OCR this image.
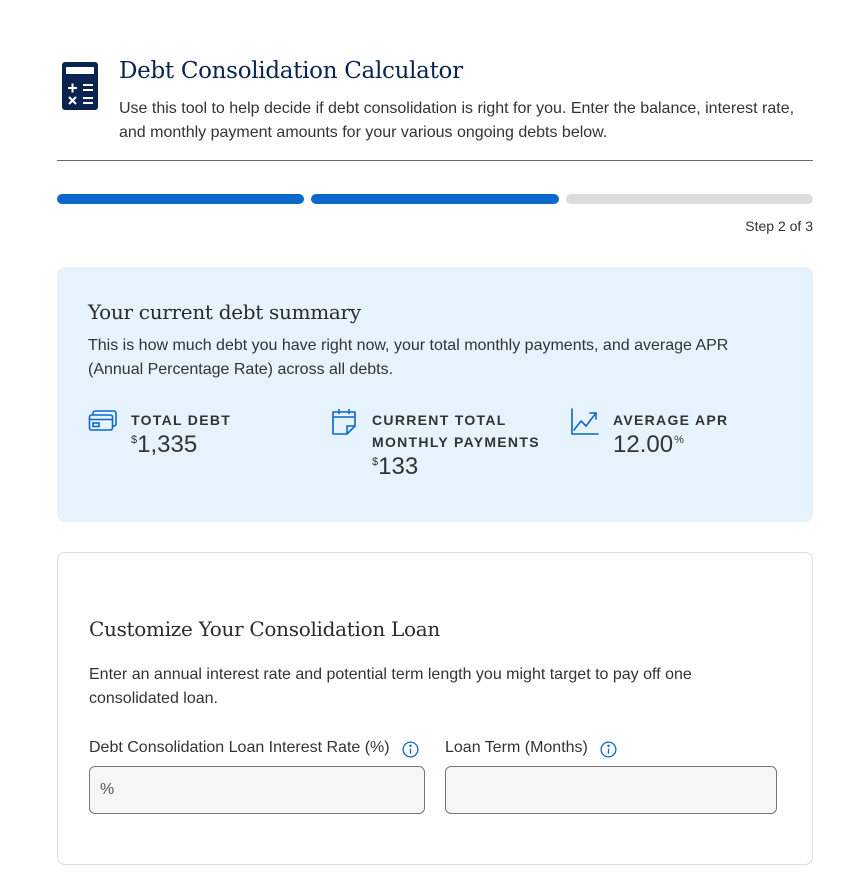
Debt Consolidation Calculator

Use this tool to help decide if debt consolidation is right for you. Enter the balance, interest rate, and monthly payment amounts for your various ongoing debts below.

Step 2 of 3
Your current debt summary

This is how much debt you have right now, your total monthly payments, and average APR (Annual Percentage Rate) across all debts.

TOTAL DEBT
$1,335
CURRENT TOTAL MONTHLY PAYMENTS
$133
AVERAGE APR
12.00%
Customize Your Consolidation Loan

Enter an annual interest rate and potential term length you might target to pay off one consolidated loan.

Debt Consolidation Loan Interest Rate (%)
%	Loan Term (Months)
